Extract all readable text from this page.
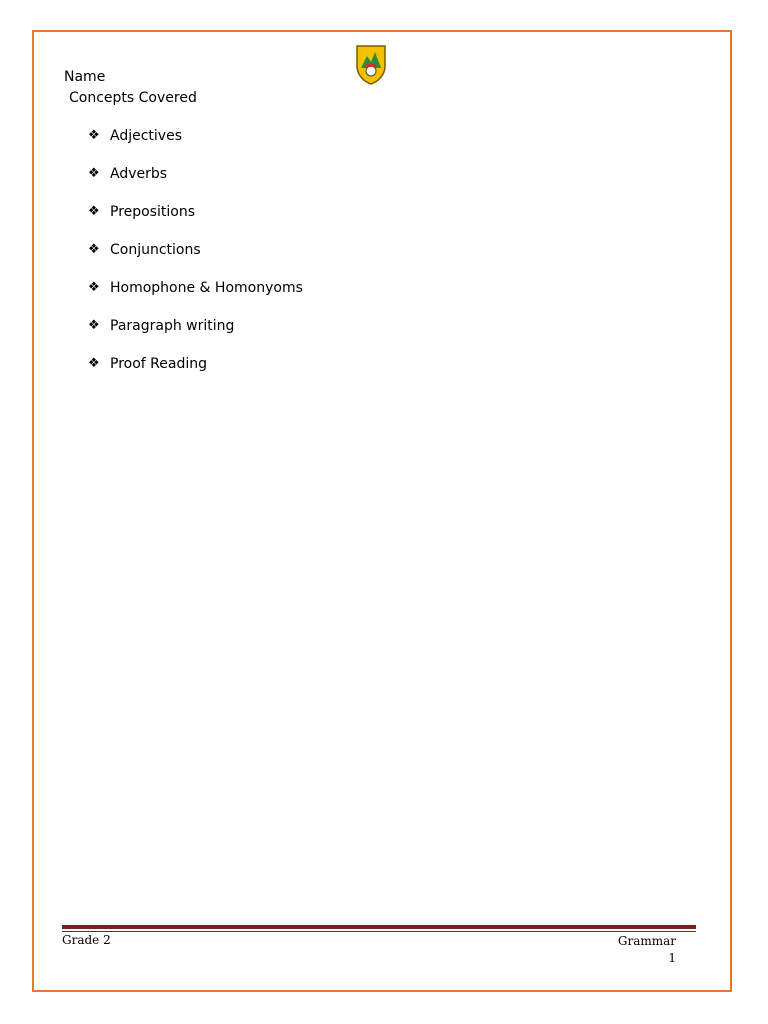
Name
Concepts Covered
❖ Adjectives
❖ Adverbs
❖ Prepositions
❖ Conjunctions
❖ Homophone & Homonyoms
❖ Paragraph writing
❖ Proof Reading
Grade 2	Grammar
1
